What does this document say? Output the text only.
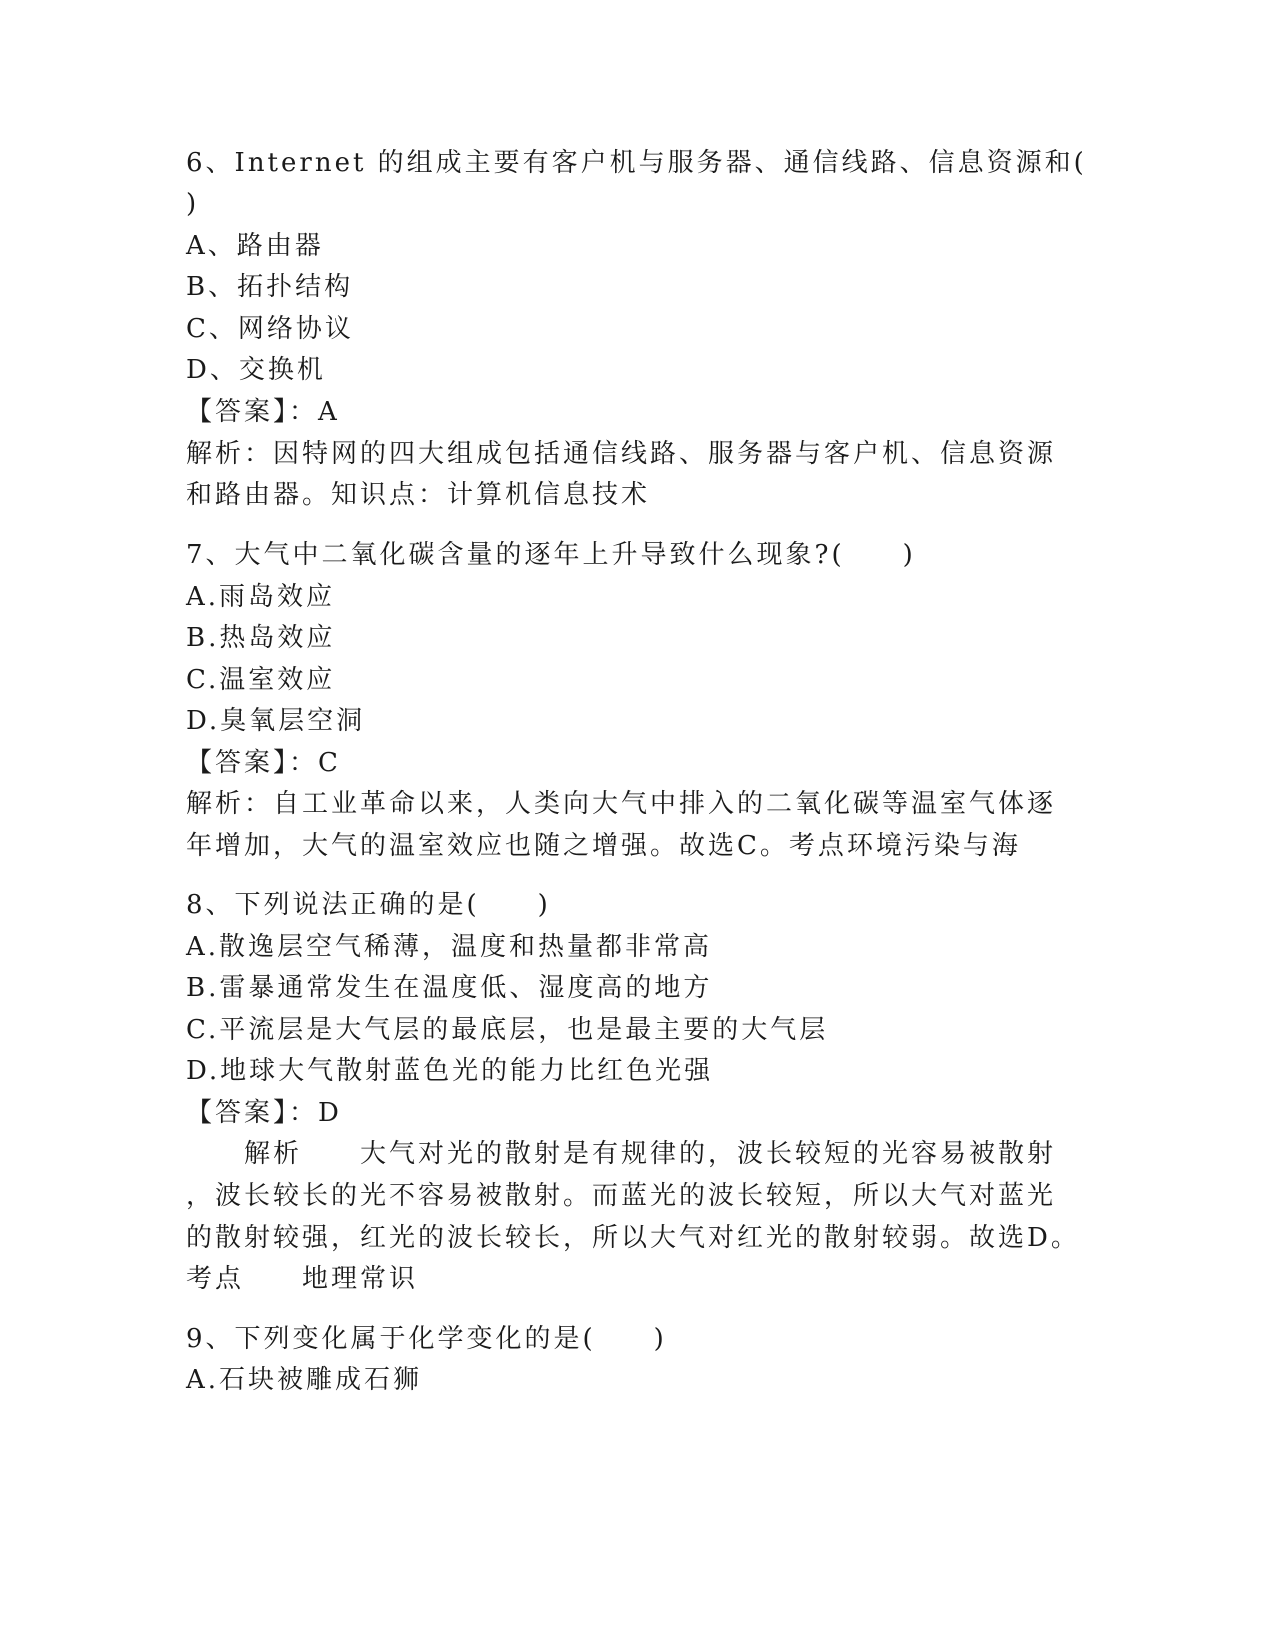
6、Internet 的组成主要有客户机与服务器、通信线路、信息资源和(
)
A、路由器
B、拓扑结构
C、网络协议
D、交换机
【答案】：A
解析：因特网的四大组成包括通信线路、服务器与客户机、信息资源
和路由器。知识点：计算机信息技术
7、大气中二氧化碳含量的逐年上升导致什么现象?(　　)
A.雨岛效应
B.热岛效应
C.温室效应
D.臭氧层空洞
【答案】：C
解析：自工业革命以来，人类向大气中排入的二氧化碳等温室气体逐
年增加，大气的温室效应也随之增强。故选C。考点环境污染与海
8、下列说法正确的是(　　)
A.散逸层空气稀薄，温度和热量都非常高
B.雷暴通常发生在温度低、湿度高的地方
C.平流层是大气层的最底层，也是最主要的大气层
D.地球大气散射蓝色光的能力比红色光强
【答案】：D
　　解析　　大气对光的散射是有规律的，波长较短的光容易被散射
，波长较长的光不容易被散射。而蓝光的波长较短，所以大气对蓝光
的散射较强，红光的波长较长，所以大气对红光的散射较弱。故选D。
考点　　地理常识
9、下列变化属于化学变化的是(　　)
A.石块被雕成石狮
